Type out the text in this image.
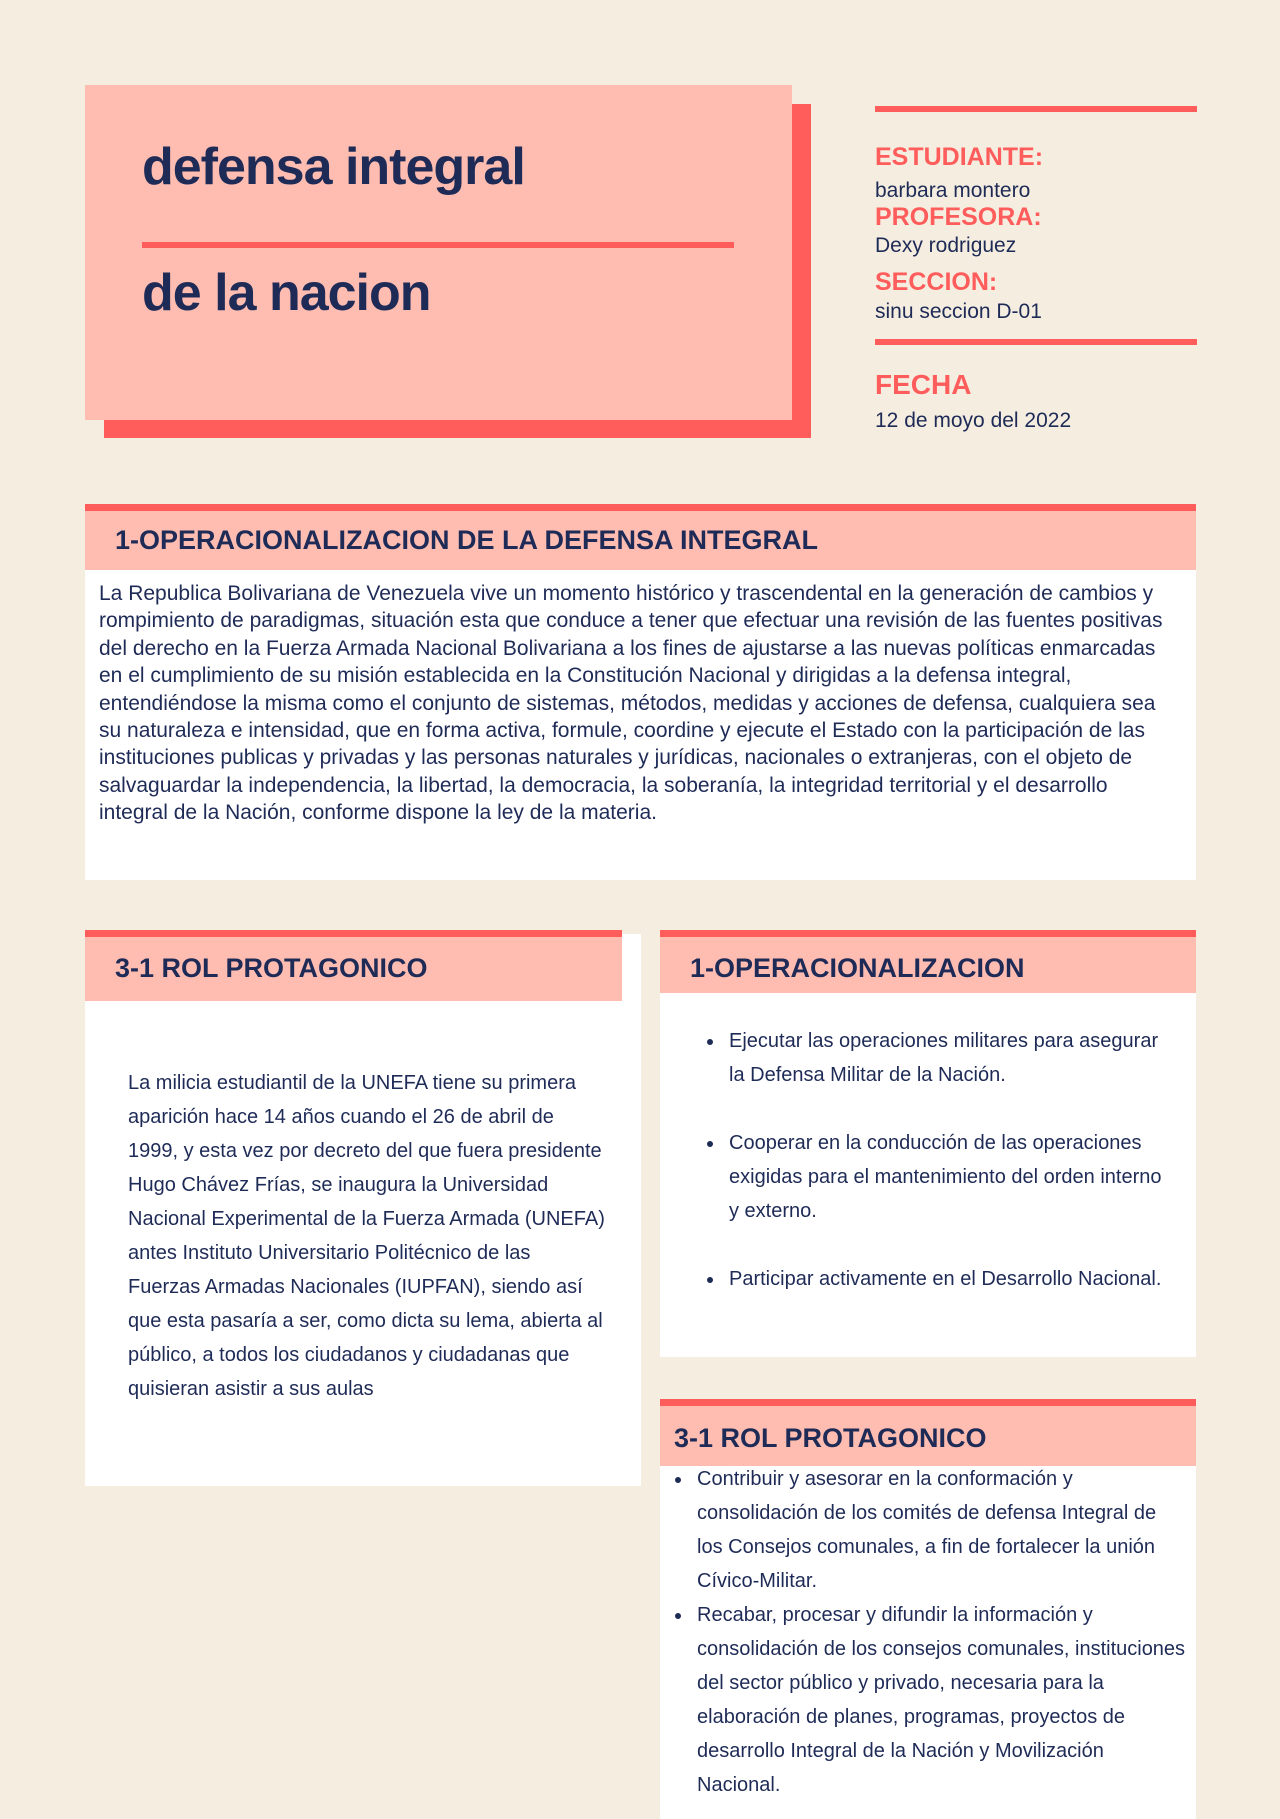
defensa integral
de la nacion
ESTUDIANTE:
barbara montero
PROFESORA:
Dexy rodriguez
SECCION:
sinu seccion D-01
FECHA
12 de moyo del 2022
1-OPERACIONALIZACION DE LA DEFENSA INTEGRAL
La Republica Bolivariana de Venezuela vive un momento histórico y trascendental en la generación de cambios y rompimiento de paradigmas, situación esta que conduce a tener que efectuar una revisión de las fuentes positivas del derecho en la Fuerza Armada Nacional Bolivariana a los fines de ajustarse a las nuevas políticas enmarcadas en el cumplimiento de su misión establecida en la Constitución Nacional y dirigidas a la defensa integral, entendiéndose la misma como el conjunto de sistemas, métodos, medidas y acciones de defensa, cualquiera sea su naturaleza e intensidad, que en forma activa, formule, coordine y ejecute el Estado con la participación de las instituciones publicas y privadas y las personas naturales y jurídicas, nacionales o extranjeras, con el objeto de salvaguardar la independencia, la libertad, la democracia, la soberanía, la integridad territorial y el desarrollo integral de la Nación, conforme dispone la ley de la materia.
3-1 ROL PROTAGONICO
La milicia estudiantil de la UNEFA tiene su primera aparición hace 14 años cuando el 26 de abril de 1999, y esta vez por decreto del que fuera presidente Hugo Chávez Frías, se inaugura la Universidad Nacional Experimental de la Fuerza Armada (UNEFA) antes Instituto Universitario Politécnico de las Fuerzas Armadas Nacionales (IUPFAN), siendo así que esta pasaría a ser, como dicta su lema, abierta al público, a todos los ciudadanos y ciudadanas que quisieran asistir a sus aulas
1-OPERACIONALIZACION
Ejecutar las operaciones militares para asegurar la Defensa Militar de la Nación.
Cooperar en la conducción de las operaciones exigidas para el mantenimiento del orden interno y externo.
Participar activamente en el Desarrollo Nacional.
3-1 ROL PROTAGONICO
Contribuir y asesorar en la conformación y consolidación de los comités de defensa Integral de los Consejos comunales, a fin de fortalecer la unión Cívico-Militar.
Recabar, procesar y difundir la información y consolidación de los consejos comunales, instituciones del sector público y privado, necesaria para la elaboración de planes, programas, proyectos de desarrollo Integral de la Nación y Movilización Nacional.
